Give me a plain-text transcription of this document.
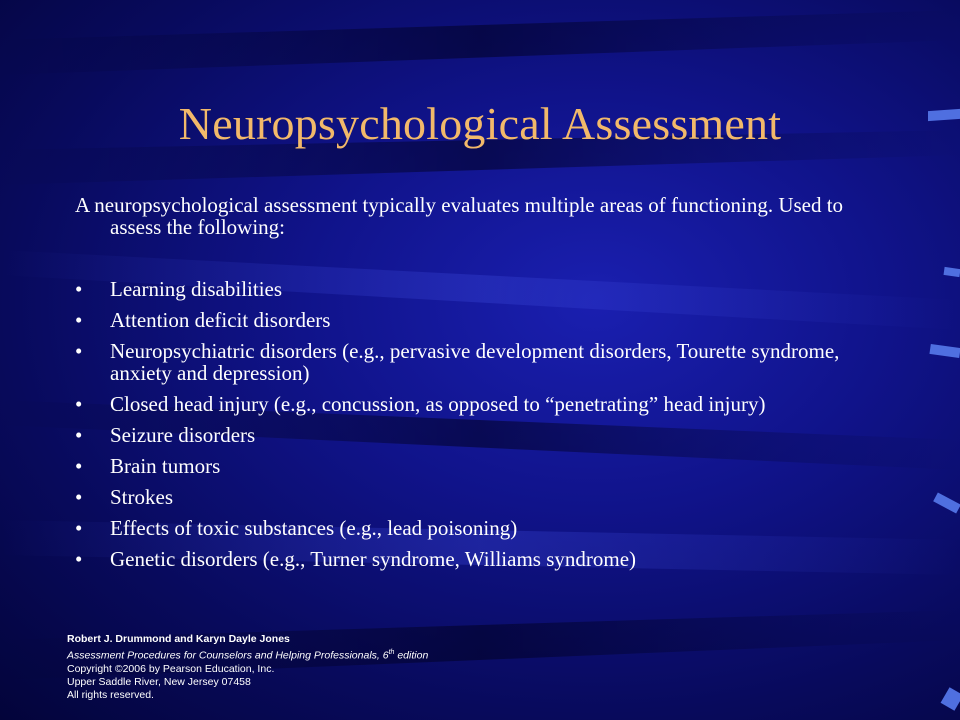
Neuropsychological Assessment

A neuropsychological assessment typically evaluates multiple areas of functioning. Used to assess the following:

• Learning disabilities
• Attention deficit disorders
• Neuropsychiatric disorders (e.g., pervasive development disorders, Tourette syndrome, anxiety and depression)
• Closed head injury (e.g., concussion, as opposed to “penetrating” head injury)
• Seizure disorders
• Brain tumors
• Strokes
• Effects of toxic substances (e.g., lead poisoning)
• Genetic disorders (e.g., Turner syndrome, Williams syndrome)
Robert J. Drummond and Karyn Dayle Jones
Assessment Procedures for Counselors and Helping Professionals, 6th edition
Copyright ©2006 by Pearson Education, Inc.
Upper Saddle River, New Jersey 07458
All rights reserved.
